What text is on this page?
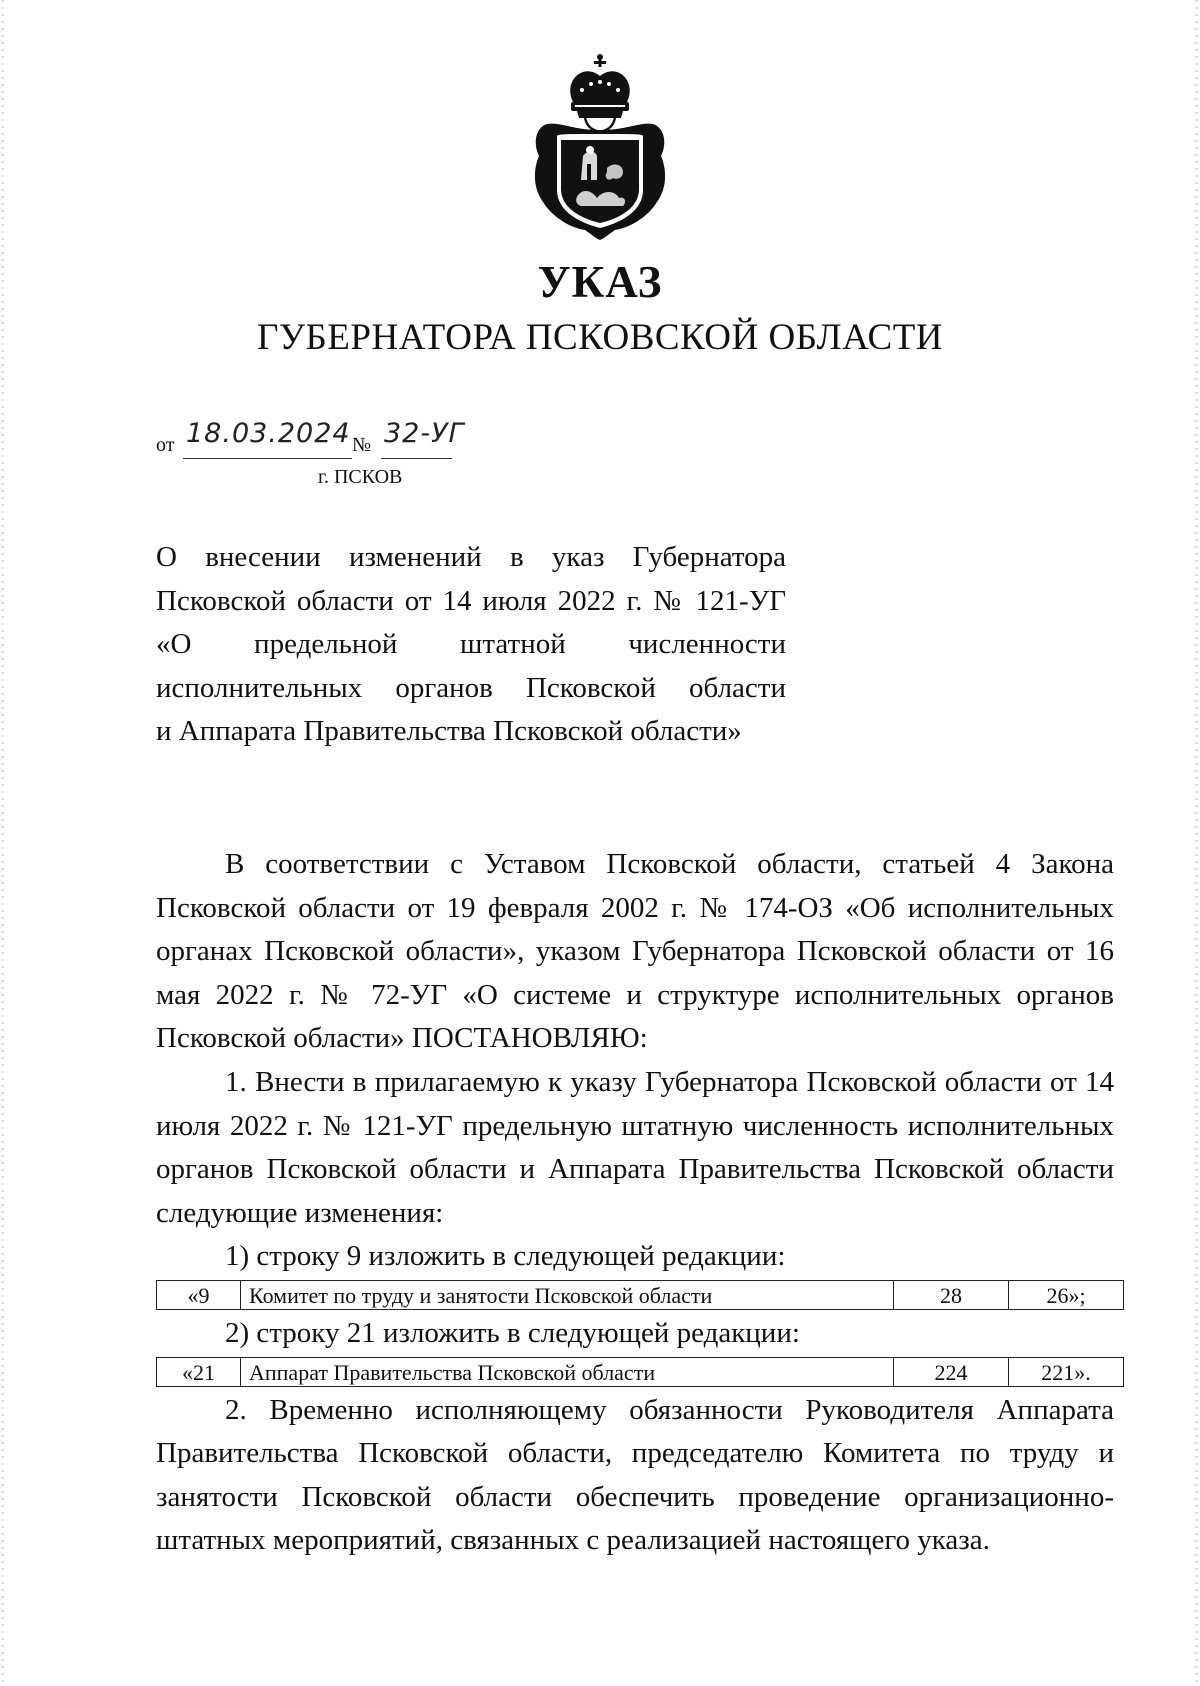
УКАЗ
ГУБЕРНАТОРА ПСКОВСКОЙ ОБЛАСТИ
от 18.03.2024 № 32-УГ
г. ПСКОВ

О внесении изменений в указ Губернатора

Псковской области от 14 июля 2022 г. № 121-УГ

«О предельной штатной численности

исполнительных органов Псковской области

и Аппарата Правительства Псковской области»

В соответствии с Уставом Псковской области, статьей 4 Закона Псковской области от 19 февраля 2002 г. № 174-ОЗ «Об исполнительных органах Псковской области», указом Губернатора Псковской области от 16 мая 2022 г. № 72-УГ «О системе и структуре исполнительных органов Псковской области» ПОСТАНОВЛЯЮ:

1. Внести в прилагаемую к указу Губернатора Псковской области от 14 июля 2022 г. № 121-УГ предельную штатную численность исполнительных органов Псковской области и Аппарата Правительства Псковской области следующие изменения:

1) строку 9 изложить в следующей редакции:

«9	Комитет по труду и занятости Псковской области	28	26»;

2) строку 21 изложить в следующей редакции:

«21	Аппарат Правительства Псковской области	224	221».

2. Временно исполняющему обязанности Руководителя Аппарата Правительства Псковской области, председателю Комитета по труду и занятости Псковской области обеспечить проведение организационно-штатных мероприятий, связанных с реализацией настоящего указа.
